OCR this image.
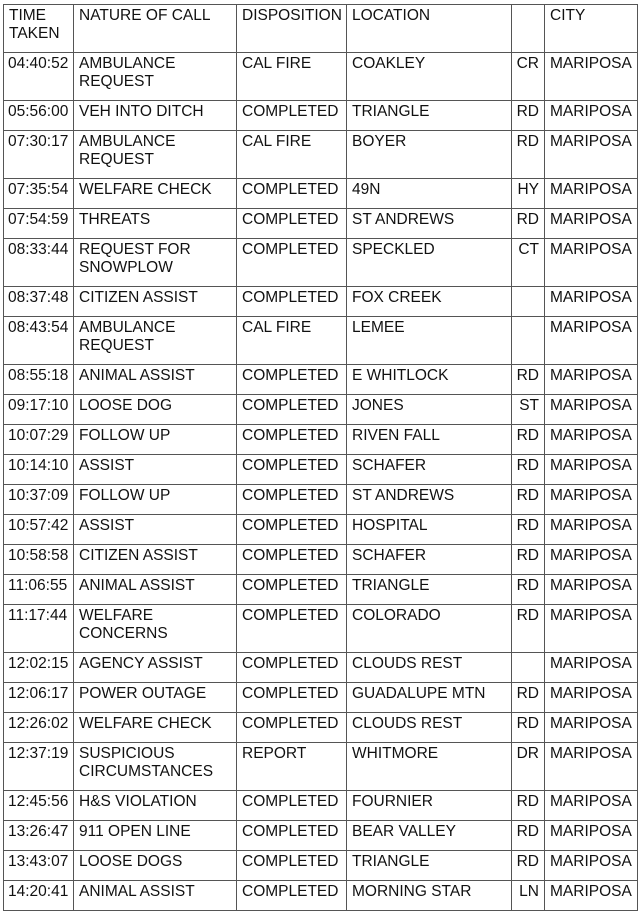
TIME TAKEN	NATURE OF CALL	DISPOSITION	LOCATION		CITY
04:40:52	AMBULANCE REQUEST	CAL FIRE	COAKLEY	CR	MARIPOSA
05:56:00	VEH INTO DITCH	COMPLETED	TRIANGLE	RD	MARIPOSA
07:30:17	AMBULANCE REQUEST	CAL FIRE	BOYER	RD	MARIPOSA
07:35:54	WELFARE CHECK	COMPLETED	49N	HY	MARIPOSA
07:54:59	THREATS	COMPLETED	ST ANDREWS	RD	MARIPOSA
08:33:44	REQUEST FOR SNOWPLOW	COMPLETED	SPECKLED	CT	MARIPOSA
08:37:48	CITIZEN ASSIST	COMPLETED	FOX CREEK		MARIPOSA
08:43:54	AMBULANCE REQUEST	CAL FIRE	LEMEE		MARIPOSA
08:55:18	ANIMAL ASSIST	COMPLETED	E WHITLOCK	RD	MARIPOSA
09:17:10	LOOSE DOG	COMPLETED	JONES	ST	MARIPOSA
10:07:29	FOLLOW UP	COMPLETED	RIVEN FALL	RD	MARIPOSA
10:14:10	ASSIST	COMPLETED	SCHAFER	RD	MARIPOSA
10:37:09	FOLLOW UP	COMPLETED	ST ANDREWS	RD	MARIPOSA
10:57:42	ASSIST	COMPLETED	HOSPITAL	RD	MARIPOSA
10:58:58	CITIZEN ASSIST	COMPLETED	SCHAFER	RD	MARIPOSA
11:06:55	ANIMAL ASSIST	COMPLETED	TRIANGLE	RD	MARIPOSA
11:17:44	WELFARE CONCERNS	COMPLETED	COLORADO	RD	MARIPOSA
12:02:15	AGENCY ASSIST	COMPLETED	CLOUDS REST		MARIPOSA
12:06:17	POWER OUTAGE	COMPLETED	GUADALUPE MTN	RD	MARIPOSA
12:26:02	WELFARE CHECK	COMPLETED	CLOUDS REST	RD	MARIPOSA
12:37:19	SUSPICIOUS CIRCUMSTANCES	REPORT	WHITMORE	DR	MARIPOSA
12:45:56	H&S VIOLATION	COMPLETED	FOURNIER	RD	MARIPOSA
13:26:47	911 OPEN LINE	COMPLETED	BEAR VALLEY	RD	MARIPOSA
13:43:07	LOOSE DOGS	COMPLETED	TRIANGLE	RD	MARIPOSA
14:20:41	ANIMAL ASSIST	COMPLETED	MORNING STAR	LN	MARIPOSA
